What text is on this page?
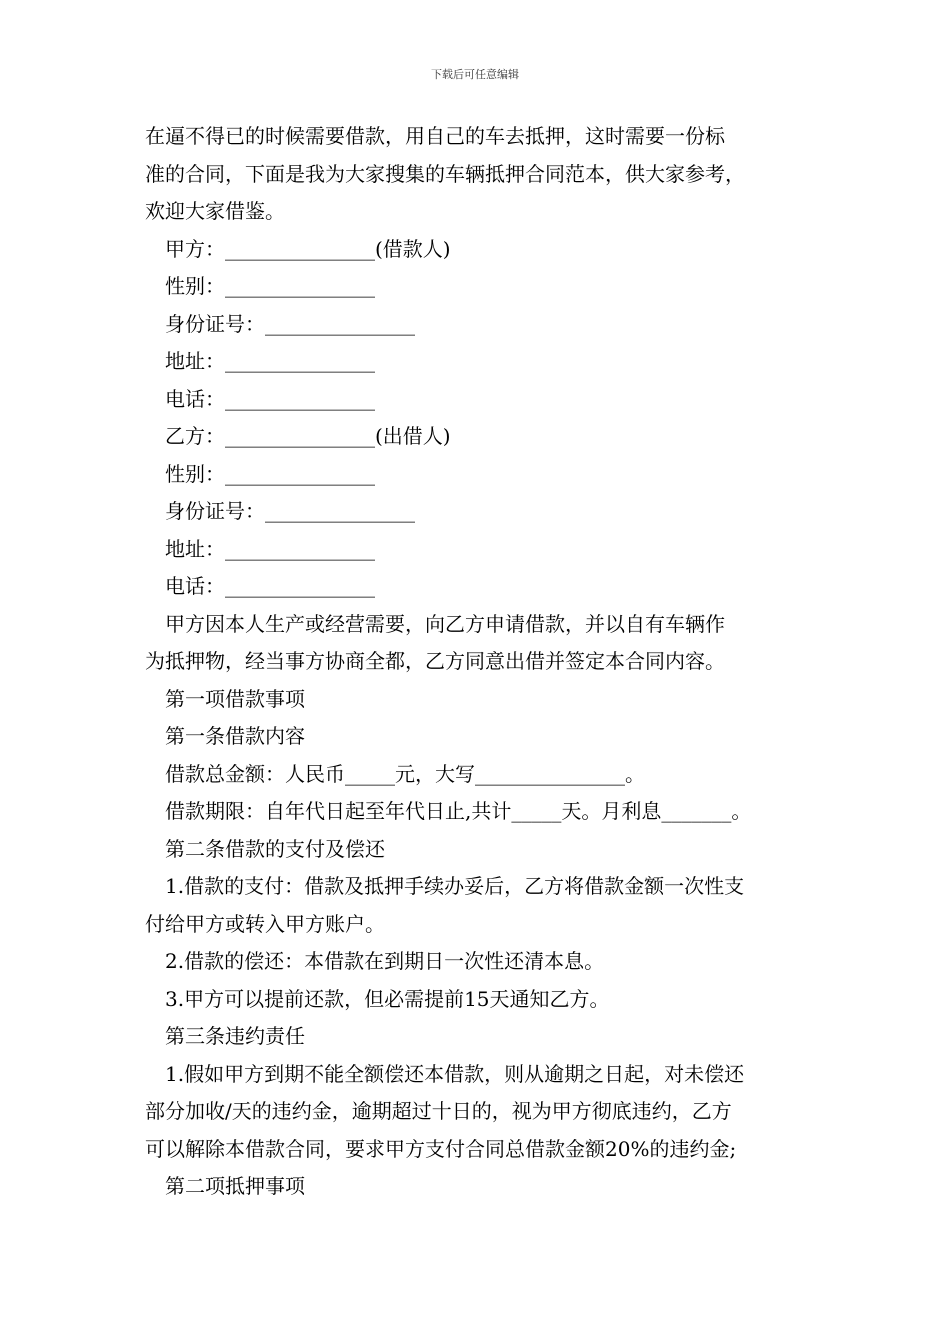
下载后可任意编辑
在逼不得已的时候需要借款，用自己的车去抵押，这时需要一份标
准的合同，下面是我为大家搜集的车辆抵押合同范本，供大家参考，
欢迎大家借鉴。
甲方：_______________(借款人)
性别：_______________
身份证号：_______________
地址：_______________
电话：_______________
乙方：_______________(出借人)
性别：_______________
身份证号：_______________
地址：_______________
电话：_______________
甲方因本人生产或经营需要，向乙方申请借款，并以自有车辆作
为抵押物，经当事方协商全都，乙方同意出借并签定本合同内容。
第一项借款事项
第一条借款内容
借款总金额：人民币_____元，大写_______________。
借款期限：自年代日起至年代日止,共计_____天。月利息_______。
第二条借款的支付及偿还
1.借款的支付：借款及抵押手续办妥后，乙方将借款金额一次性支
付给甲方或转入甲方账户。
2.借款的偿还：本借款在到期日一次性还清本息。
3.甲方可以提前还款，但必需提前15天通知乙方。
第三条违约责任
1.假如甲方到期不能全额偿还本借款，则从逾期之日起，对未偿还
部分加收/天的违约金，逾期超过十日的，视为甲方彻底违约，乙方
可以解除本借款合同，要求甲方支付合同总借款金额20%的违约金;
第二项抵押事项
